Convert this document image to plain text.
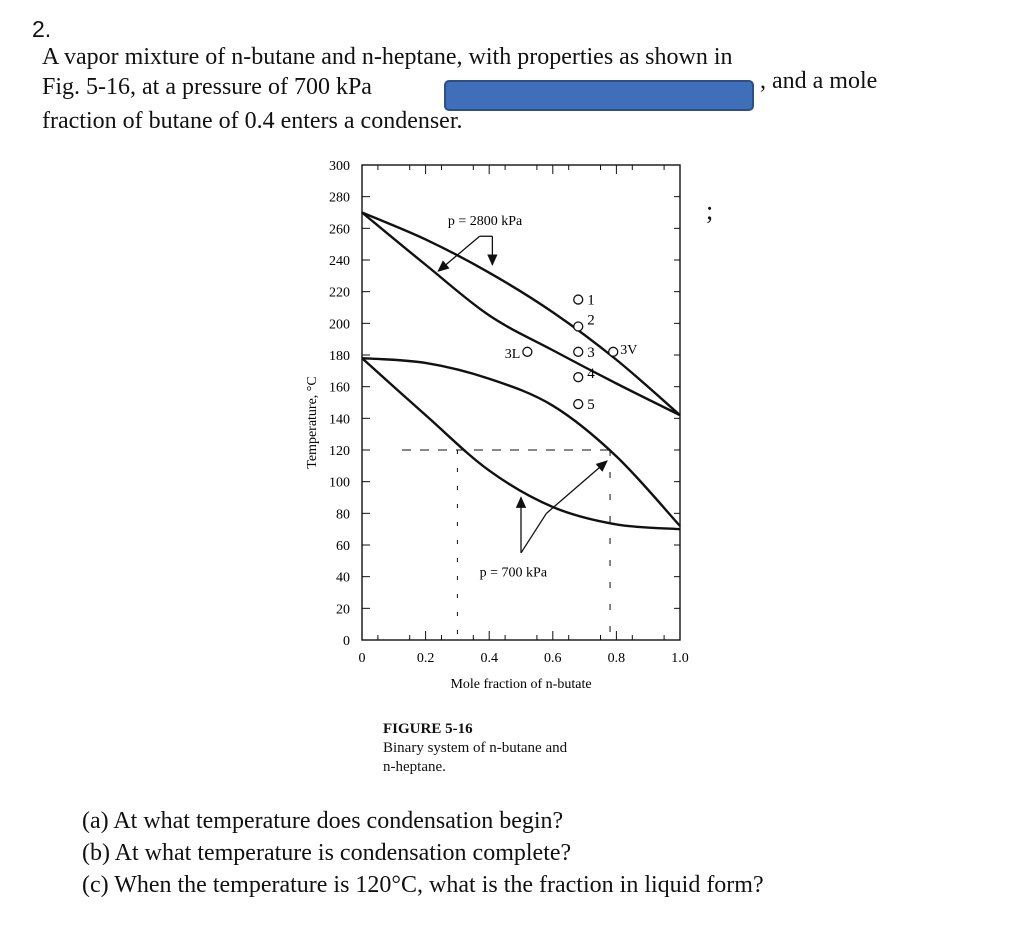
2.
A vapor mixture of n-butane and n-heptane, with properties as shown in
Fig. 5-16, at a pressure of 700 kPa	, and a mole
fraction of butane of 0.4 enters a condenser.
;
0
20
40
60
80
100
120
140
160
180
200
220
240
260
280
300
0	0.2	0.4	0.6	0.8	1.0
Mole fraction of n-butate
Temperature, °C
1
2
3
3L	3V
4
5
p = 2800 kPa
p = 700 kPa
FIGURE 5-16
Binary system of n-butane and
n-heptane.
(a) At what temperature does condensation begin?
(b) At what temperature is condensation complete?
(c) When the temperature is 120°C, what is the fraction in liquid form?
